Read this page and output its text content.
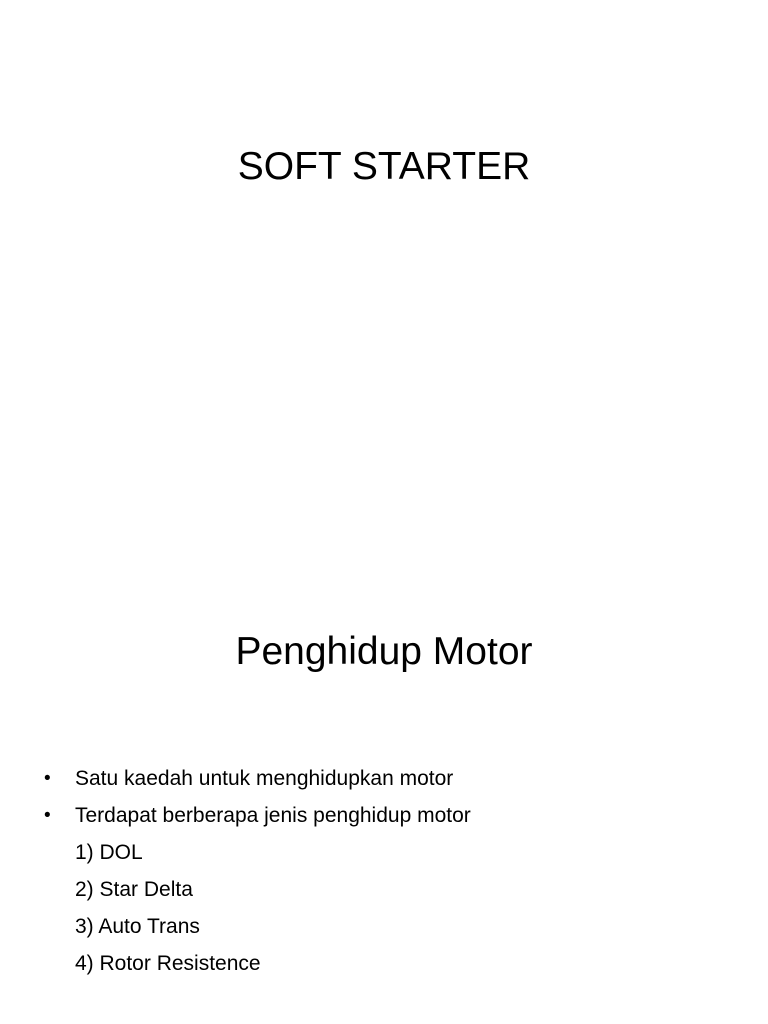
SOFT STARTER
Penghidup Motor
•	Satu kaedah untuk menghidupkan motor
•	Terdapat berberapa jenis penghidup motor
1) DOL
2) Star Delta
3) Auto Trans
4) Rotor Resistence
